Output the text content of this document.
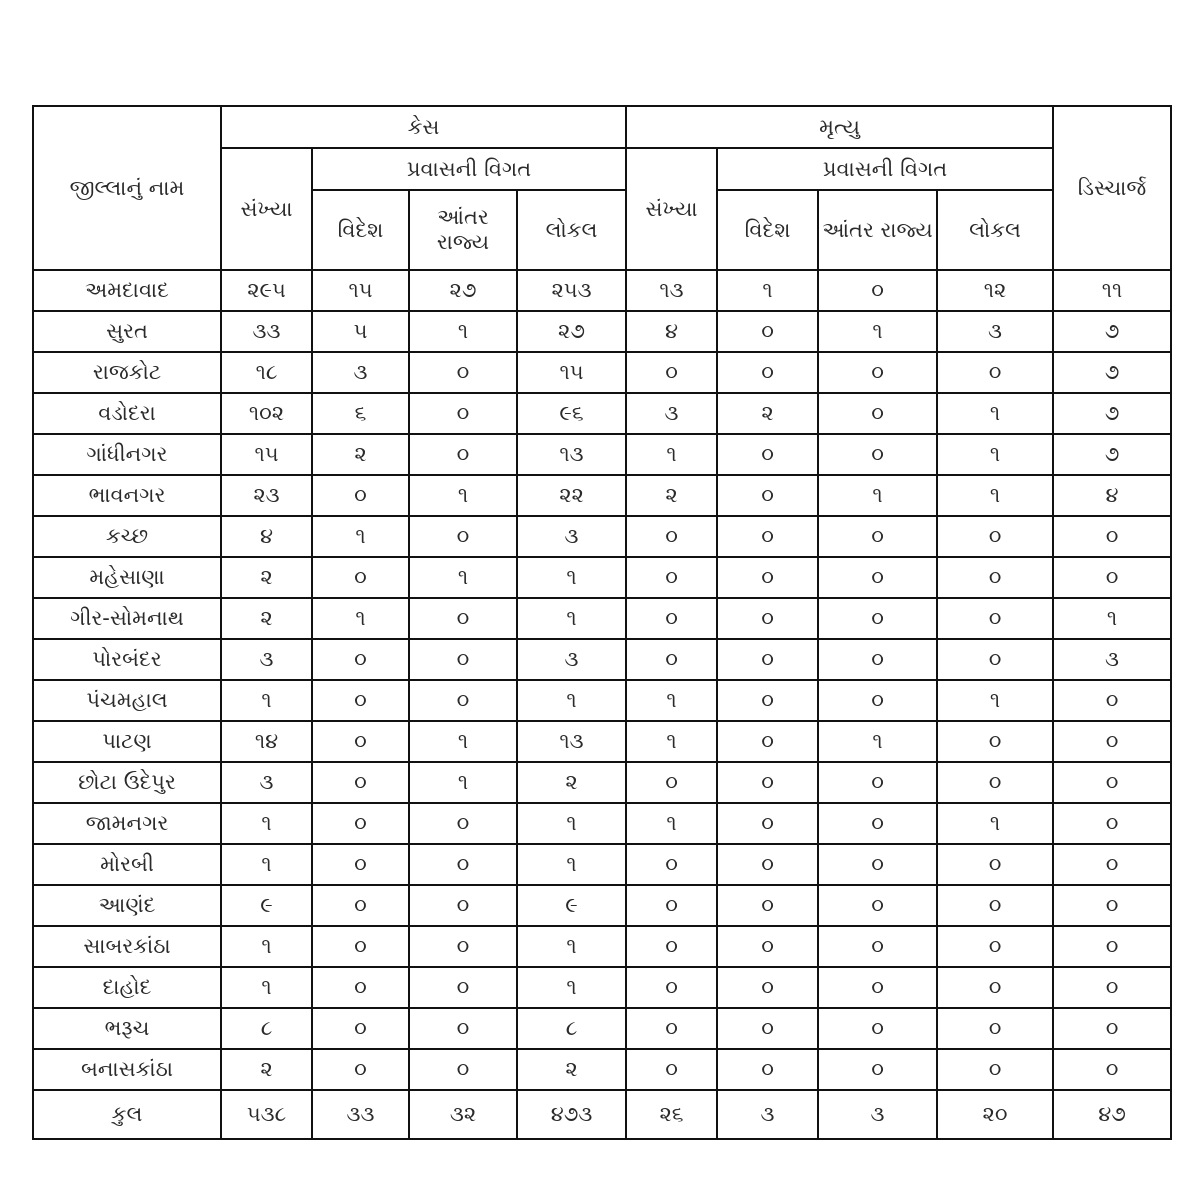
જીલ્લાનું નામ	કેસ				મૃત્યુ				ડિસ્ચાર્જ
	સંખ્યા	પ્રવાસની વિગત			સંખ્યા	પ્રવાસની વિગત			
		વિદેશ	આંતર રાજ્ય	લોકલ		વિદેશ	આંતર રાજ્ય	લોકલ	
અમદાવાદ	૨૯૫	૧૫	૨૭	૨૫૩	૧૩	૧	૦	૧૨	૧૧
સુરત	૩૩	૫	૧	૨૭	૪	૦	૧	૩	૭
રાજકોટ	૧૮	૩	૦	૧૫	૦	૦	૦	૦	૭
વડોદરા	૧૦૨	૬	૦	૯૬	૩	૨	૦	૧	૭
ગાંધીનગર	૧૫	૨	૦	૧૩	૧	૦	૦	૧	૭
ભાવનગર	૨૩	૦	૧	૨૨	૨	૦	૧	૧	૪
કચ્છ	૪	૧	૦	૩	૦	૦	૦	૦	૦
મહેસાણા	૨	૦	૧	૧	૦	૦	૦	૦	૦
ગીર-સોમનાથ	૨	૧	૦	૧	૦	૦	૦	૦	૧
પોરબંદર	૩	૦	૦	૩	૦	૦	૦	૦	૩
પંચમહાલ	૧	૦	૦	૧	૧	૦	૦	૧	૦
પાટણ	૧૪	૦	૧	૧૩	૧	૦	૧	૦	૦
છોટા ઉદેપુર	૩	૦	૧	૨	૦	૦	૦	૦	૦
જામનગર	૧	૦	૦	૧	૧	૦	૦	૧	૦
મોરબી	૧	૦	૦	૧	૦	૦	૦	૦	૦
આણંદ	૯	૦	૦	૯	૦	૦	૦	૦	૦
સાબરકાંઠા	૧	૦	૦	૧	૦	૦	૦	૦	૦
દાહોદ	૧	૦	૦	૧	૦	૦	૦	૦	૦
ભરૂચ	૮	૦	૦	૮	૦	૦	૦	૦	૦
બનાસકાંઠા	૨	૦	૦	૨	૦	૦	૦	૦	૦
કુલ	૫૩૮	૩૩	૩૨	૪૭૩	૨૬	૩	૩	૨૦	૪૭
